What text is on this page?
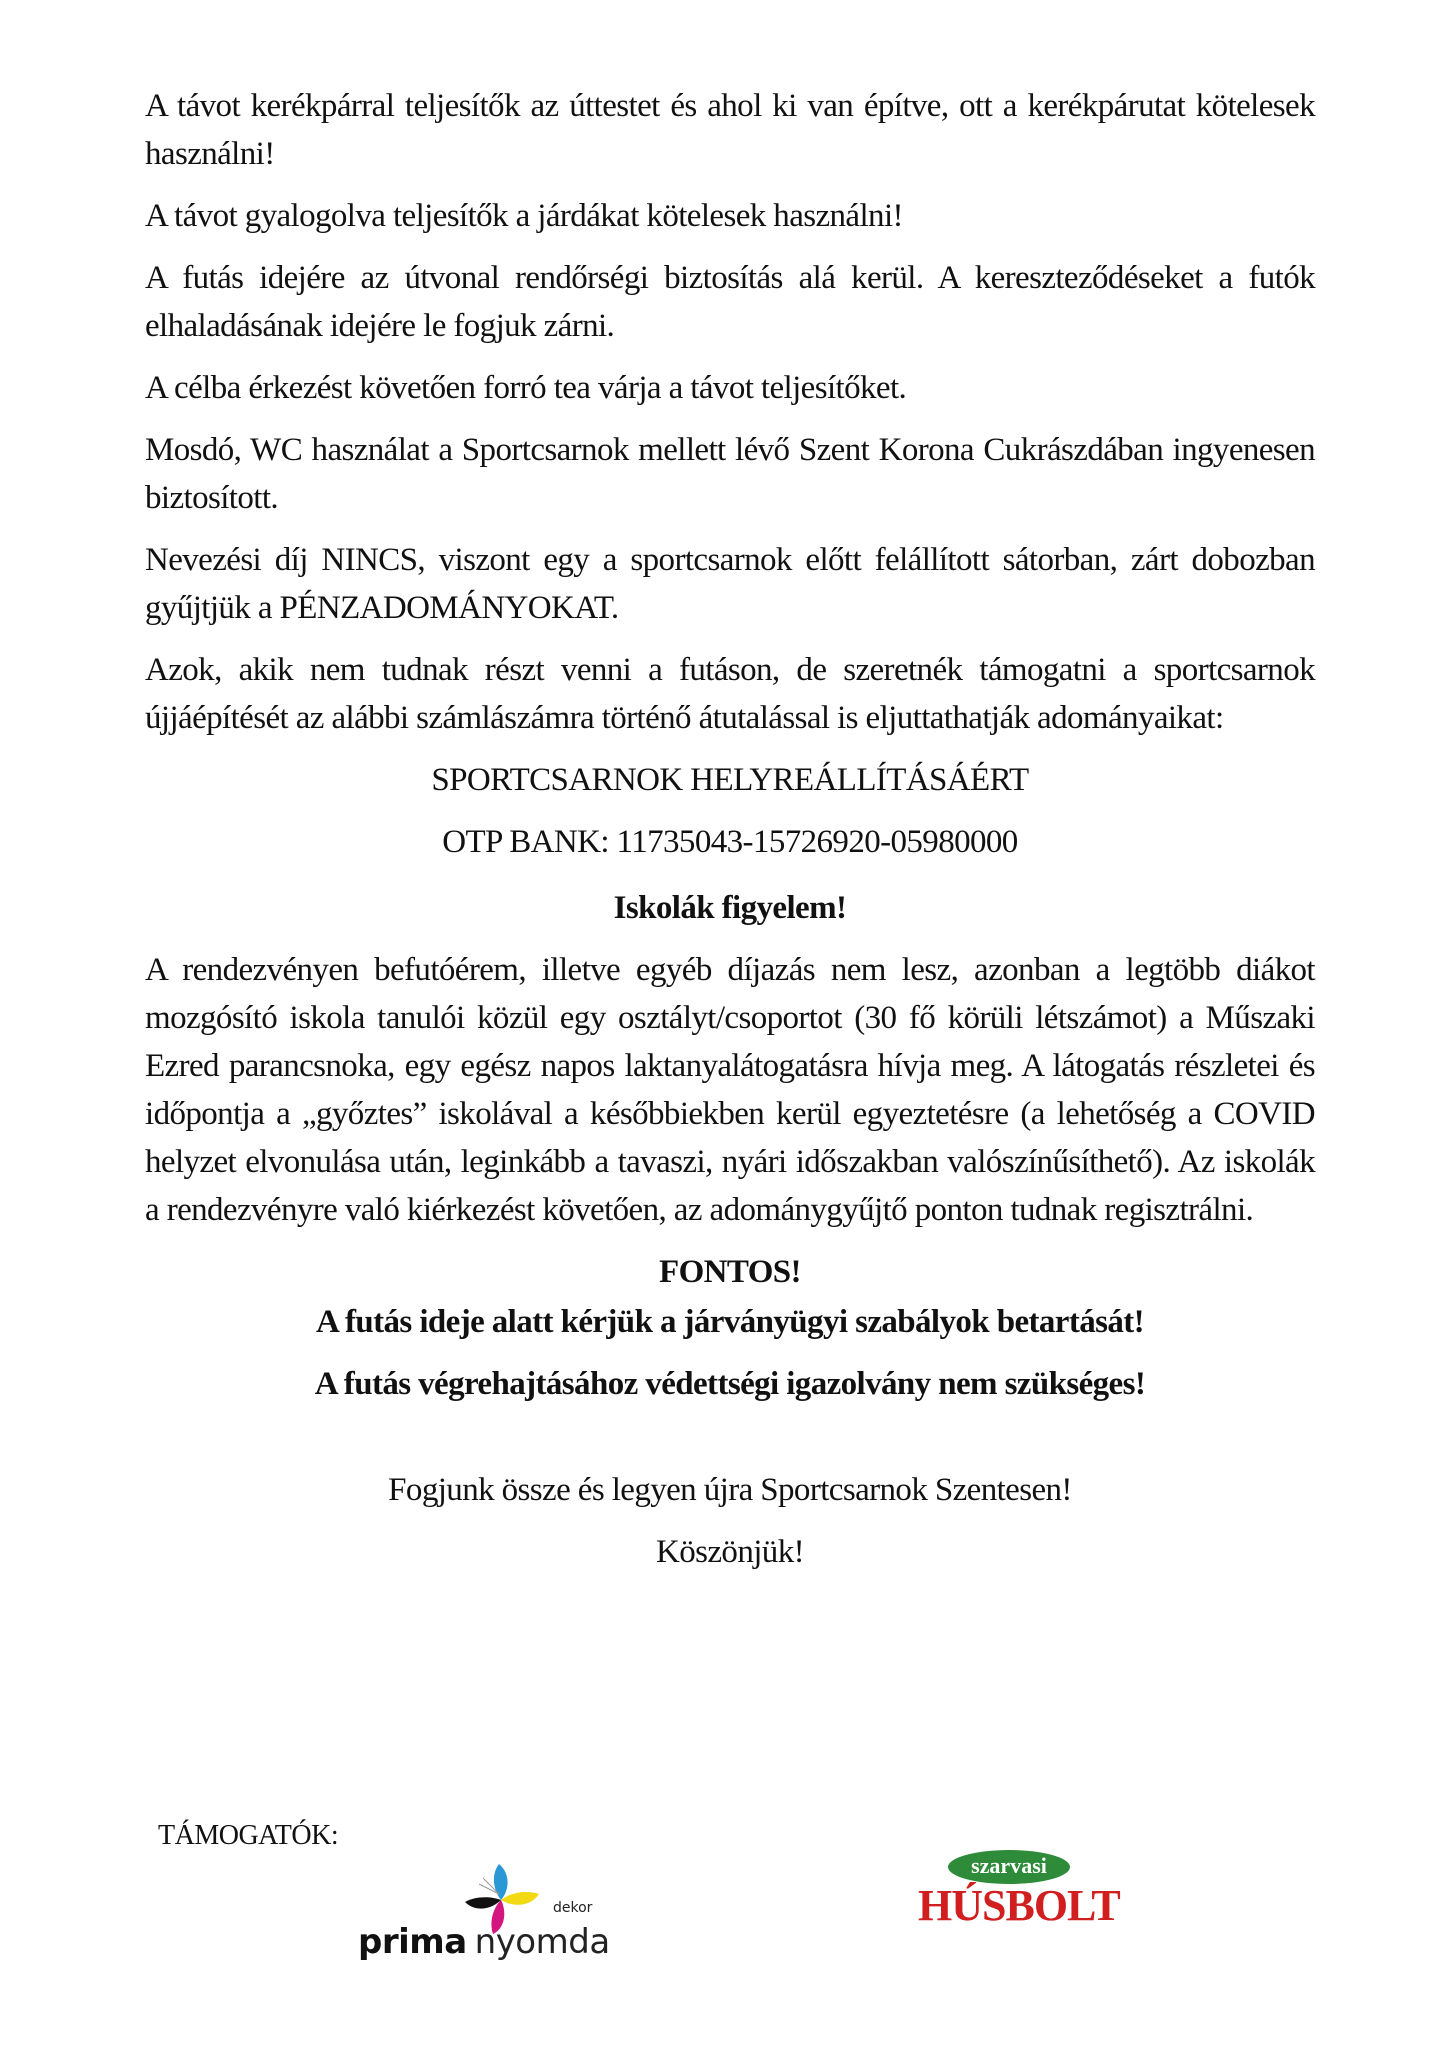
A távot kerékpárral teljesítők az úttestet és ahol ki van építve, ott a kerékpárutat kötelesek használni!

A távot gyalogolva teljesítők a járdákat kötelesek használni!

A futás idejére az útvonal rendőrségi biztosítás alá kerül. A kereszteződéseket a futók elhaladásának idejére le fogjuk zárni.

A célba érkezést követően forró tea várja a távot teljesítőket.

Mosdó, WC használat a Sportcsarnok mellett lévő Szent Korona Cukrászdában ingyenesen biztosított.

Nevezési díj NINCS, viszont egy a sportcsarnok előtt felállított sátorban, zárt dobozban gyűjtjük a PÉNZADOMÁNYOKAT.

Azok, akik nem tudnak részt venni a futáson, de szeretnék támogatni a sportcsarnok újjáépítését az alábbi számlászámra történő átutalással is eljuttathatják adományaikat:

SPORTCSARNOK HELYREÁLLÍTÁSÁÉRT

OTP BANK: 11735043-15726920-05980000

Iskolák figyelem!

A rendezvényen befutóérem, illetve egyéb díjazás nem lesz, azonban a legtöbb diákot mozgósító iskola tanulói közül egy osztályt/csoportot (30 fő körüli létszámot) a Műszaki Ezred parancsnoka, egy egész napos laktanyalátogatásra hívja meg. A látogatás részletei és időpontja a „győztes” iskolával a későbbiekben kerül egyeztetésre (a lehetőség a COVID helyzet elvonulása után, leginkább a tavaszi, nyári időszakban valószínűsíthető). Az iskolák a rendezvényre való kiérkezést követően, az adománygyűjtő ponton tudnak regisztrálni.

FONTOS!

A futás ideje alatt kérjük a járványügyi szabályok betartását!

A futás végrehajtásához védettségi igazolvány nem szükséges!

Fogjunk össze és legyen újra Sportcsarnok Szentesen!

Köszönjük!

TÁMOGATÓK:
dekor
prima nyomda
szarvasi
HÚSBOLT
